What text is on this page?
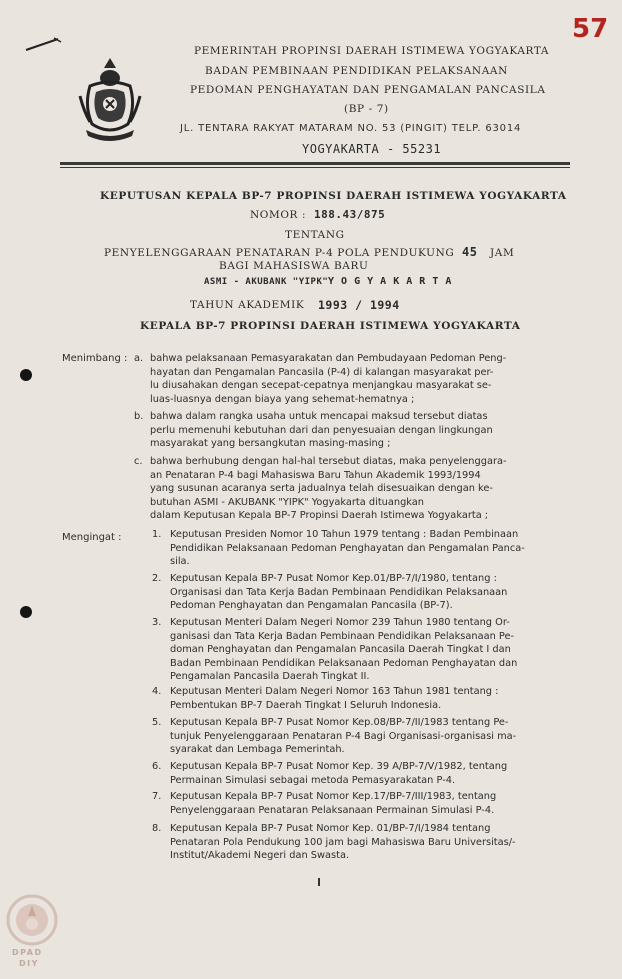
57
PEMERINTAH PROPINSI DAERAH ISTIMEWA YOGYAKARTA
BADAN PEMBINAAN PENDIDIKAN PELAKSANAAN
PEDOMAN PENGHAYATAN DAN PENGAMALAN PANCASILA
(BP - 7)
JL. TENTARA RAKYAT MATARAM NO. 53 (PINGIT) TELP. 63014
YOGYAKARTA - 55231
KEPUTUSAN KEPALA BP-7 PROPINSI DAERAH ISTIMEWA YOGYAKARTA
NOMOR : 188.43/875
TENTANG
PENYELENGGARAAN PENATARAN P-4 POLA PENDUKUNG 45 JAM
BAGI MAHASISWA BARU
ASMI - AKUBANK "YIPK" Y O G Y A K A R T A
TAHUN AKADEMIK 1993 / 1994
KEPALA BP-7 PROPINSI DAERAH ISTIMEWA YOGYAKARTA
Menimbang : a. bahwa pelaksanaan Pemasyarakatan dan Pembudayaan Pedoman Peng-

hayatan dan Pengamalan Pancasila (P-4) di kalangan masyarakat per-

lu diusahakan dengan secepat-cepatnya menjangkau masyarakat se-

luas-luasnya dengan biaya yang sehemat-hematnya ;

b. bahwa dalam rangka usaha untuk mencapai maksud tersebut diatas

perlu memenuhi kebutuhan dari dan penyesuaian dengan lingkungan

masyarakat yang bersangkutan masing-masing ;

c. bahwa berhubung dengan hal-hal tersebut diatas, maka penyelenggara-

an Penataran P-4 bagi Mahasiswa Baru Tahun Akademik 1993/1994

yang susunan acaranya serta jadualnya telah disesuaikan dengan ke-

butuhan ASMI - AKUBANK "YIPK" Yogyakarta dituangkan

dalam Keputusan Kepala BP-7 Propinsi Daerah Istimewa Yogyakarta ;

Mengingat :	1. Keputusan Presiden Nomor 10 Tahun 1979 tentang : Badan Pembinaan

Pendidikan Pelaksanaan Pedoman Penghayatan dan Pengamalan Panca-

sila.

2. Keputusan Kepala BP-7 Pusat Nomor Kep.01/BP-7/I/1980, tentang :

Organisasi dan Tata Kerja Badan Pembinaan Pendidikan Pelaksanaan

Pedoman Penghayatan dan Pengamalan Pancasila (BP-7).

3. Keputusan Menteri Dalam Negeri Nomor 239 Tahun 1980 tentang Or-

ganisasi dan Tata Kerja Badan Pembinaan Pendidikan Pelaksanaan Pe-

doman Penghayatan dan Pengamalan Pancasila Daerah Tingkat I dan

Badan Pembinaan Pendidikan Pelaksanaan Pedoman Penghayatan dan

Pengamalan Pancasila Daerah Tingkat II.

4. Keputusan Menteri Dalam Negeri Nomor 163 Tahun 1981 tentang :

Pembentukan BP-7 Daerah Tingkat I Seluruh Indonesia.

5. Keputusan Kepala BP-7 Pusat Nomor Kep.08/BP-7/II/1983 tentang Pe-

tunjuk Penyelenggaraan Penataran P-4 Bagi Organisasi-organisasi ma-

syarakat dan Lembaga Pemerintah.

6. Keputusan Kepala BP-7 Pusat Nomor Kep. 39 A/BP-7/V/1982, tentang

Permainan Simulasi sebagai metoda Pemasyarakatan P-4.

7. Keputusan Kepala BP-7 Pusat Nomor Kep.17/BP-7/III/1983, tentang

Penyelenggaraan Penataran Pelaksanaan Permainan Simulasi P-4.

8. Keputusan Kepala BP-7 Pusat Nomor Kep. 01/BP-7/I/1984 tentang

Penataran Pola Pendukung 100 jam bagi Mahasiswa Baru Universitas/-

Institut/Akademi Negeri dan Swasta.

DPAD
DIY
